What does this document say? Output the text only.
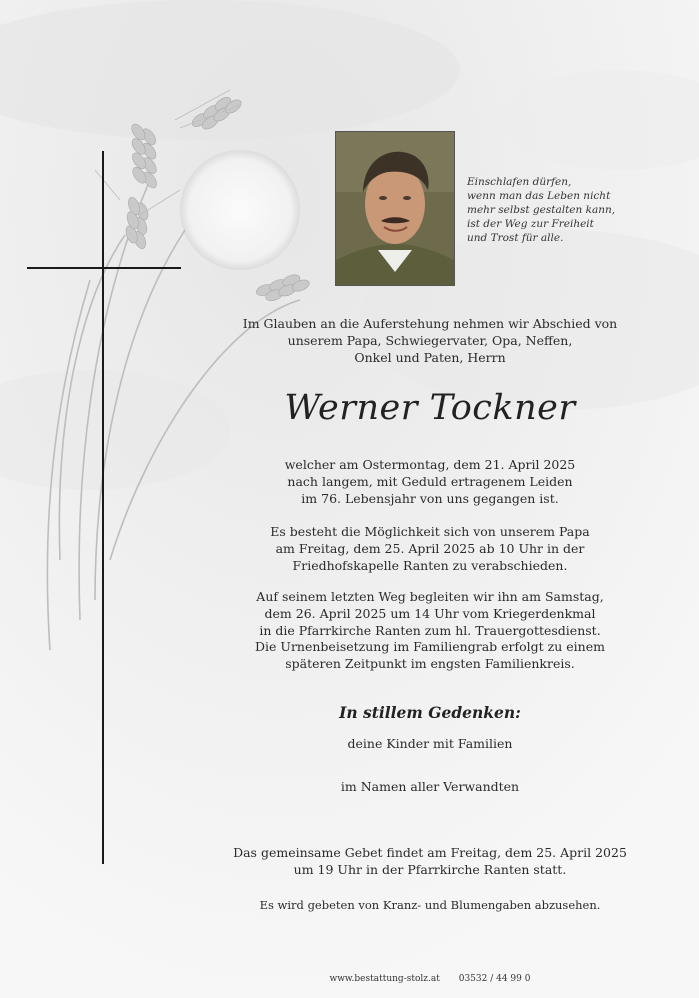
Einschlafen dürfen,
wenn man das Leben nicht
mehr selbst gestalten kann,
ist der Weg zur Freiheit
und Trost für alle.
Im Glauben an die Auferstehung nehmen wir Abschied von
unserem Papa, Schwiegervater, Opa, Neffen,
Onkel und Paten, Herrn
Werner Tockner
welcher am Ostermontag, dem 21. April 2025
nach langem, mit Geduld ertragenem Leiden
im 76. Lebensjahr von uns gegangen ist.
Es besteht die Möglichkeit sich von unserem Papa
am Freitag, dem 25. April 2025 ab 10 Uhr in der
Friedhofskapelle Ranten zu verabschieden.
Auf seinem letzten Weg begleiten wir ihn am Samstag,
dem 26. April 2025 um 14 Uhr vom Kriegerdenkmal
in die Pfarrkirche Ranten zum hl. Trauergottesdienst.
Die Urnenbeisetzung im Familiengrab erfolgt zu einem
späteren Zeitpunkt im engsten Familienkreis.
In stillem Gedenken:
deine Kinder mit Familien
im Namen aller Verwandten
Das gemeinsame Gebet findet am Freitag, dem 25. April 2025
um 19 Uhr in der Pfarrkirche Ranten statt.
Es wird gebeten von Kranz- und Blumengaben abzusehen.
www.bestattung-stolz.at 03532 / 44 99 0
